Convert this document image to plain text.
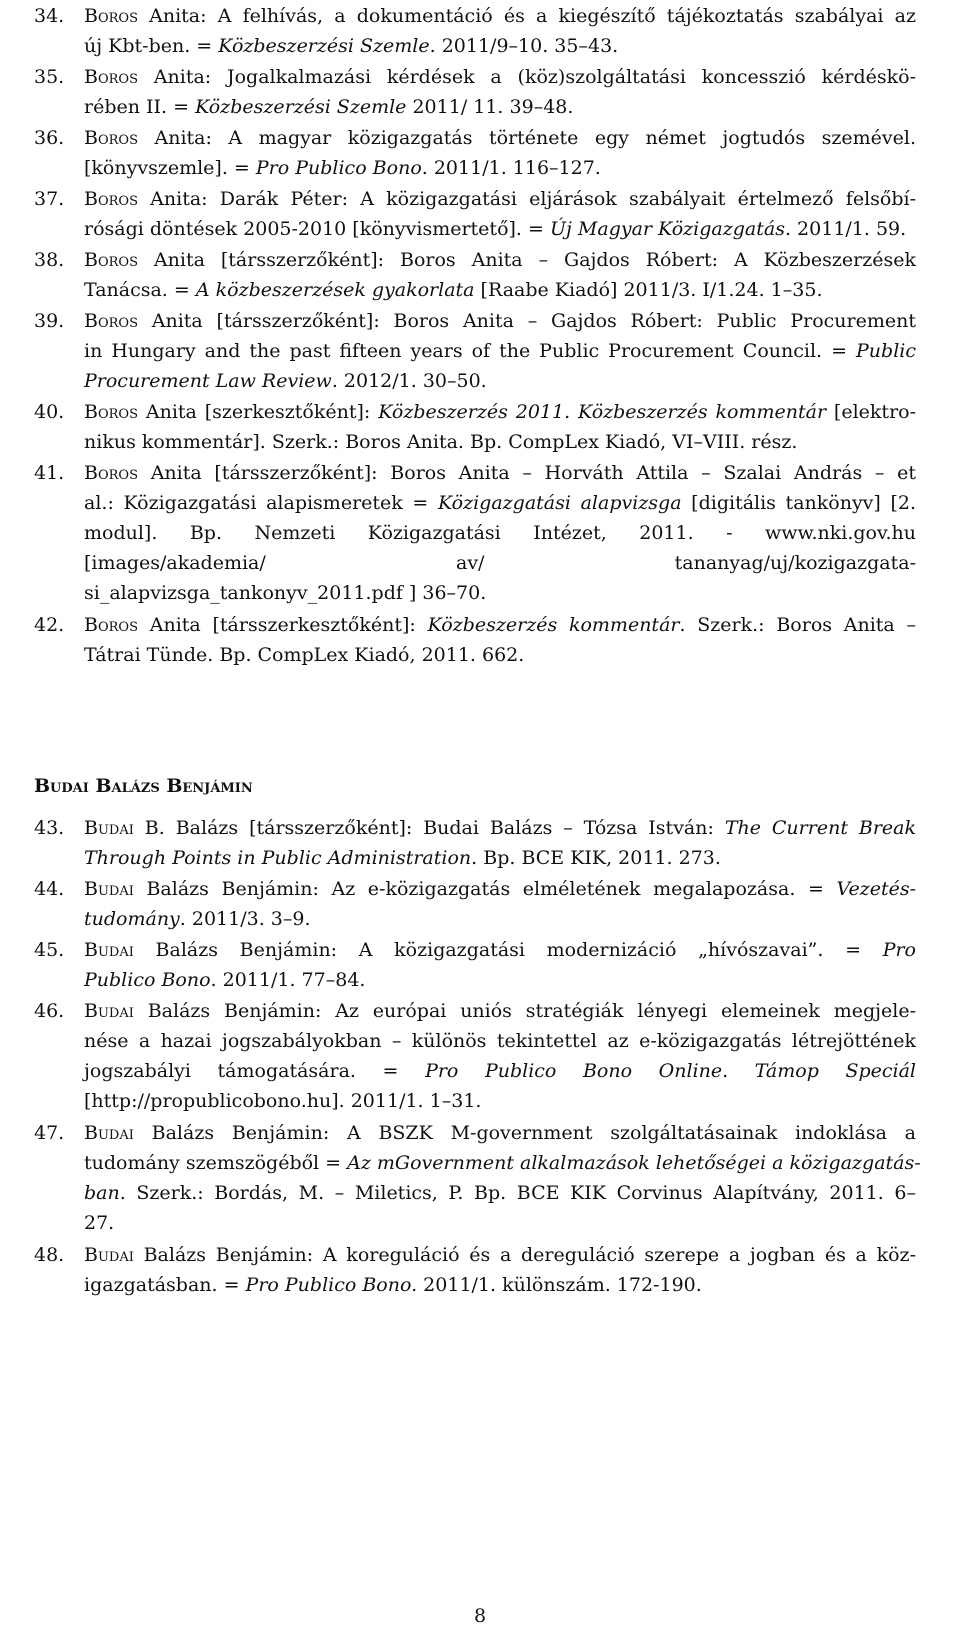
34.	Boros Anita: A felhívás, a dokumentáció és a kiegészítő tájékoztatás szabályai az
új Kbt-ben. = Közbeszerzési Szemle. 2011/9–10. 35–43.
35.	Boros Anita: Jogalkalmazási kérdések a (köz)szolgáltatási koncesszió kérdéskö-
rében II. = Közbeszerzési Szemle 2011/ 11. 39–48.
36.	Boros Anita: A magyar közigazgatás története egy német jogtudós szemével.
[könyvszemle]. = Pro Publico Bono. 2011/1. 116–127.
37.	Boros Anita: Darák Péter: A közigazgatási eljárások szabályait értelmező felsőbí-
rósági döntések 2005-2010 [könyvismertető]. = Új Magyar Közigazgatás. 2011/1. 59.
38.	Boros Anita [társszerzőként]: Boros Anita – Gajdos Róbert: A Közbeszerzések
Tanácsa. = A közbeszerzések gyakorlata [Raabe Kiadó] 2011/3. I/1.24. 1–35.
39.	Boros Anita [társszerzőként]: Boros Anita – Gajdos Róbert: Public Procurement
in Hungary and the past fifteen years of the Public Procurement Council. = Public
Procurement Law Review. 2012/1. 30–50.
40.	Boros Anita [szerkesztőként]: Közbeszerzés 2011. Közbeszerzés kommentár [elektro-
nikus kommentár]. Szerk.: Boros Anita. Bp. CompLex Kiadó, VI–VIII. rész.
41.	Boros Anita [társszerzőként]: Boros Anita – Horváth Attila – Szalai András – et
al.: Közigazgatási alapismeretek = Közigazgatási alapvizsga [digitális tankönyv] [2.
modul]. Bp. Nemzeti Közigazgatási Intézet, 2011. - www.nki.gov.hu
[images/akademia/ av/ tananyag/uj/kozigazgata-
si_alapvizsga_tankonyv_2011.pdf ] 36–70.
42.	Boros Anita [társszerkesztőként]: Közbeszerzés kommentár. Szerk.: Boros Anita –
Tátrai Tünde. Bp. CompLex Kiadó, 2011. 662.
43.	Budai B. Balázs [társszerzőként]: Budai Balázs – Tózsa István: The Current Break
Through Points in Public Administration. Bp. BCE KIK, 2011. 273.
44.	Budai Balázs Benjámin: Az e-közigazgatás elméletének megalapozása. = Vezetés-
tudomány. 2011/3. 3–9.
45.	Budai Balázs Benjámin: A közigazgatási modernizáció „hívószavai”. = Pro
Publico Bono. 2011/1. 77–84.
46.	Budai Balázs Benjámin: Az európai uniós stratégiák lényegi elemeinek megjele-
nése a hazai jogszabályokban – különös tekintettel az e-közigazgatás létrejöttének
jogszabályi támogatására. = Pro Publico Bono Online. Támop Speciál
[http://propublicobono.hu]. 2011/1. 1–31.
47.	Budai Balázs Benjámin: A BSZK M-government szolgáltatásainak indoklása a
tudomány szemszögéből = Az mGovernment alkalmazások lehetőségei a közigazgatás-
ban. Szerk.: Bordás, M. – Miletics, P. Bp. BCE KIK Corvinus Alapítvány, 2011. 6–
27.
48.	Budai Balázs Benjámin: A koreguláció és a dereguláció szerepe a jogban és a köz-
igazgatásban. = Pro Publico Bono. 2011/1. különszám. 172-190.
Budai Balázs Benjámin
8
